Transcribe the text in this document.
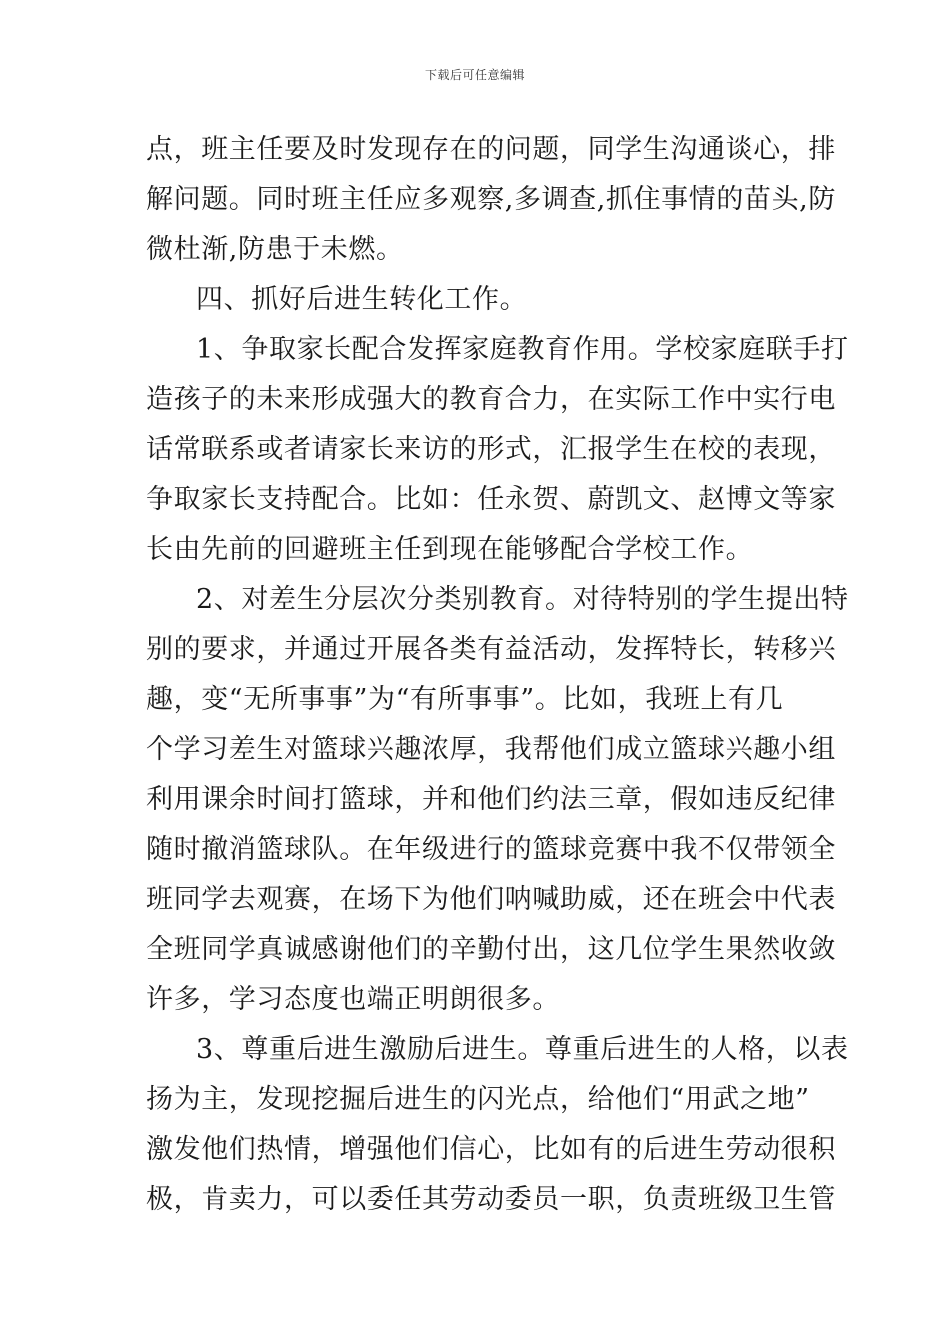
下载后可任意编辑
点，班主任要及时发现存在的问题，同学生沟通谈心，排
解问题。同时班主任应多观察,多调查,抓住事情的苗头,防
微杜渐,防患于未燃。
四、抓好后进生转化工作。
1、争取家长配合发挥家庭教育作用。学校家庭联手打
造孩子的未来形成强大的教育合力，在实际工作中实行电
话常联系或者请家长来访的形式，汇报学生在校的表现，
争取家长支持配合。比如：任永贺、蔚凯文、赵博文等家
长由先前的回避班主任到现在能够配合学校工作。
2、对差生分层次分类别教育。对待特别的学生提出特
别的要求，并通过开展各类有益活动，发挥特长，转移兴
趣，变“无所事事”为“有所事事”。比如，我班上有几
个学习差生对篮球兴趣浓厚，我帮他们成立篮球兴趣小组
利用课余时间打篮球，并和他们约法三章，假如违反纪律
随时撤消篮球队。在年级进行的篮球竞赛中我不仅带领全
班同学去观赛，在场下为他们呐喊助威，还在班会中代表
全班同学真诚感谢他们的辛勤付出，这几位学生果然收敛
许多，学习态度也端正明朗很多。
3、尊重后进生激励后进生。尊重后进生的人格，以表
扬为主，发现挖掘后进生的闪光点，给他们“用武之地”
激发他们热情，增强他们信心，比如有的后进生劳动很积
极，肯卖力，可以委任其劳动委员一职，负责班级卫生管
